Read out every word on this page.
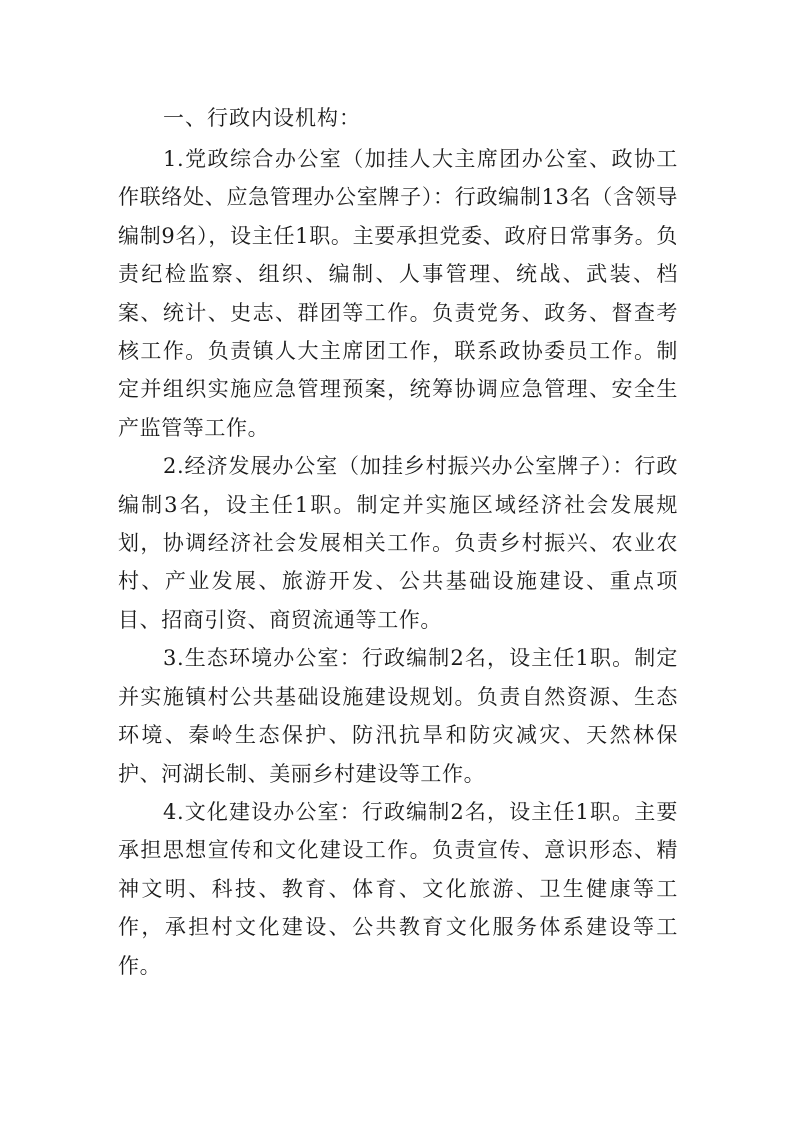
一、行政内设机构：

1.党政综合办公室（加挂人大主席团办公室、政协工作联络处、应急管理办公室牌子）：行政编制13名（含领导编制9名），设主任1职。主要承担党委、政府日常事务。负责纪检监察、组织、编制、人事管理、统战、武装、档案、统计、史志、群团等工作。负责党务、政务、督查考核工作。负责镇人大主席团工作，联系政协委员工作。制定并组织实施应急管理预案，统筹协调应急管理、安全生产监管等工作。

2.经济发展办公室（加挂乡村振兴办公室牌子）：行政编制3名，设主任1职。制定并实施区域经济社会发展规划，协调经济社会发展相关工作。负责乡村振兴、农业农村、产业发展、旅游开发、公共基础设施建设、重点项目、招商引资、商贸流通等工作。

3.生态环境办公室：行政编制2名，设主任1职。制定并实施镇村公共基础设施建设规划。负责自然资源、生态环境、秦岭生态保护、防汛抗旱和防灾减灾、天然林保护、河湖长制、美丽乡村建设等工作。

4.文化建设办公室：行政编制2名，设主任1职。主要承担思想宣传和文化建设工作。负责宣传、意识形态、精神文明、科技、教育、体育、文化旅游、卫生健康等工作，承担村文化建设、公共教育文化服务体系建设等工作。
